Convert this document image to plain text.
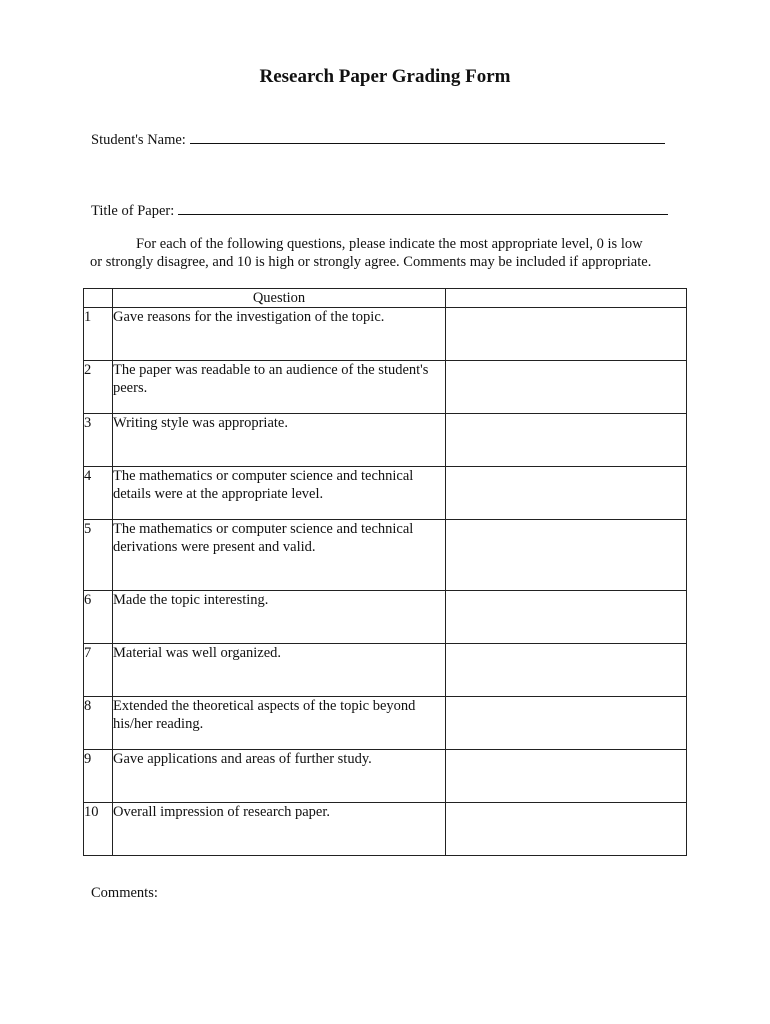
Research Paper Grading Form
Student's Name:
Title of Paper:
For each of the following questions, please indicate the most appropriate level, 0 is low
or strongly disagree, and 10 is high or strongly agree. Comments may be included if appropriate.
	Question	
1	Gave reasons for the investigation of the topic.	
2	The paper was readable to an audience of the student's peers.	
3	Writing style was appropriate.	
4	The mathematics or computer science and technical details were at the appropriate level.	
5	The mathematics or computer science and technical derivations were present and valid.	
6	Made the topic interesting.	
7	Material was well organized.	
8	Extended the theoretical aspects of the topic beyond his/her reading.	
9	Gave applications and areas of further study.	
10	Overall impression of research paper.	
Comments:
